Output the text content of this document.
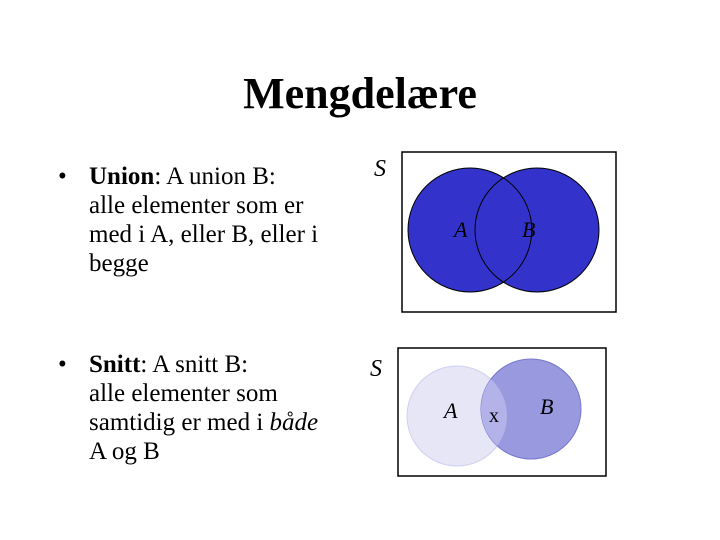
Mengdelære
• Union: A union B:
alle elementer som er
med i A, eller B, eller i
begge
• Snitt: A snitt B:
alle elementer som
samtidig er med i både
A og B
S
A B
S
A	B
x
